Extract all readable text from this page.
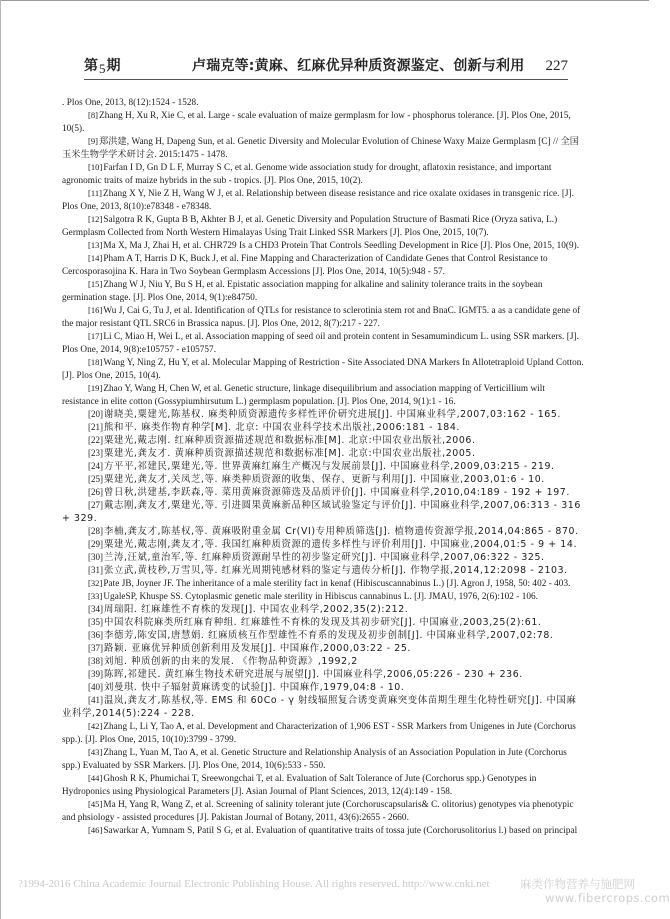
第5期	卢瑞克等:黄麻、红麻优异种质资源鉴定、创新与利用 227

. Plos One, 2013, 8(12):1524 - 1528.

[8]Zhang H, Xu R, Xie C, et al. Large - scale evaluation of maize germplasm for low - phosphorus tolerance. [J]. Plos One, 2015, 10(5).

[9]郑洪建, Wang H, Dapeng Sun, et al. Genetic Diversity and Molecular Evolution of Chinese Waxy Maize Germplasm [C] // 全国玉米生物学学术研讨会. 2015:1475 - 1478.

[10]Farfan I D, Gn D L F, Murray S C, et al. Genome wide association study for drought, aflatoxin resistance, and important agronomic traits of maize hybrids in the sub - tropics. [J]. Plos One, 2015, 10(2).

[11]Zhang X Y, Nie Z H, Wang W J, et al. Relationship between disease resistance and rice oxalate oxidases in transgenic rice. [J]. Plos One, 2013, 8(10):e78348 - e78348.

[12]Salgotra R K, Gupta B B, Akhter B J, et al. Genetic Diversity and Population Structure of Basmati Rice (Oryza sativa, L.) Germplasm Collected from North Western Himalayas Using Trait Linked SSR Markers [J]. Plos One, 2015, 10(7).

[13]Ma X, Ma J, Zhai H, et al. CHR729 Is a CHD3 Protein That Controls Seedling Development in Rice [J]. Plos One, 2015, 10(9).

[14]Pham A T, Harris D K, Buck J, et al. Fine Mapping and Characterization of Candidate Genes that Control Resistance to Cercosporasojina K. Hara in Two Soybean Germplasm Accessions [J]. Plos One, 2014, 10(5):948 - 57.

[15]Zhang W J, Niu Y, Bu S H, et al. Epistatic association mapping for alkaline and salinity tolerance traits in the soybean germination stage. [J]. Plos One, 2014, 9(1):e84750.

[16]Wu J, Cai G, Tu J, et al. Identification of QTLs for resistance to sclerotinia stem rot and BnaC. IGMT5. a as a candidate gene of the major resistant QTL SRC6 in Brassica napus. [J]. Plos One, 2012, 8(7):217 - 227.

[17]Li C, Miao H, Wei L, et al. Association mapping of seed oil and protein content in Sesamumindicum L. using SSR markers. [J]. Plos One, 2014, 9(8):e105757 - e105757.

[18]Wang Y, Ning Z, Hu Y, et al. Molecular Mapping of Restriction - Site Associated DNA Markers In Allotetraploid Upland Cotton. [J]. Plos One, 2015, 10(4).

[19]Zhao Y, Wang H, Chen W, et al. Genetic structure, linkage disequilibrium and association mapping of Verticillium wilt resistance in elite cotton (Gossypiumhirsutum L.) germplasm population. [J]. Plos One, 2014, 9(1):1 - 16.

[20]谢晓美,粟建光,陈基权. 麻类种质资源遗传多样性评价研究进展[J]. 中国麻业科学,2007,03:162 - 165.

[21]熊和平. 麻类作物育种学[M]. 北京: 中国农业科学技术出版社,2006:181 - 184.

[22]粟建光,戴志刚. 红麻种质资源描述规范和数据标准[M]. 北京:中国农业出版社,2006.

[23]粟建光,龚友才. 黄麻种质资源描述规范和数据标准[M]. 北京:中国农业出版社,2005.

[24]方平平,祁建民,粟建光,等. 世界黄麻红麻生产概况与发展前景[J]. 中国麻业科学,2009,03:215 - 219.

[25]粟建光,龚友才,关凤芝,等. 麻类种质资源的收集、保存、更新与利用[J]. 中国麻业,2003,01:6 - 10.

[26]曾日秋,洪建基,李跃森,等. 菜用黄麻资源筛选及品质评价[J]. 中国麻业科学,2010,04:189 - 192 + 197.

[27]戴志刚,龚友才,粟建光,等. 引进圆果黄麻新品种区域试验鉴定与评价[J]. 中国麻业科学,2007,06:313 - 316 + 329.

[28]李楠,龚友才,陈基权,等. 黄麻吸附重金属 Cr(VI)专用种质筛选[J]. 植物遗传资源学报,2014,04:865 - 870.

[29]粟建光,戴志刚,龚友才,等. 我国红麻种质资源的遗传多样性与评价利用[J]. 中国麻业,2004,01:5 - 9 + 14.

[30]兰涛,汪斌,童治军,等. 红麻种质资源耐旱性的初步鉴定研究[J]. 中国麻业科学,2007,06:322 - 325.

[31]张立武,黄枝秒,万雪贝,等. 红麻光周期钝感材料的鉴定与遗传分析[J]. 作物学报,2014,12:2098 - 2103.

[32]Pate JB, Joyner JF. The inheritance of a male sterility fact in kenaf (Hibiscuscannabinus L.) [J]. Agron J, 1958, 50: 402 - 403.

[33]UgaleSP, Khuspe SS. Cytoplasmic genetic male sterility in Hibiscus cannabinus L. [J]. JMAU, 1976, 2(6):102 - 106.

[34]周瑞阳. 红麻雄性不育株的发现[J]. 中国农业科学,2002,35(2):212.

[35]中国农科院麻类所红麻育种组. 红麻雄性不育株的发现及其初步研究[J]. 中国麻业,2003,25(2):61.

[36]李德芳,陈安国,唐慧娟. 红麻质核互作型雄性不育系的发现及初步创制[J]. 中国麻业科学,2007,02:78.

[37]路颖. 亚麻优异种质创新利用及发展[J]. 中国麻作,2000,03:22 - 25.

[38]刘旭. 种质创新的由来的发展. 《作物品种资源》,1992,2

[39]陈晖,祁建民. 黄红麻生物技术研究进展与展望[J]. 中国麻业科学,2006,05:226 - 230 + 236.

[40]刘曼琪. 快中子辐射黄麻诱变的试验[J]. 中国麻作,1979,04:8 - 10.

[41]温岚,龚友才,陈基权,等. EMS 和 60Co - γ 射线辐照复合诱变黄麻突变体苗期生理生化特性研究[J]. 中国麻业科学,2014(5):224 - 228.

[42]Zhang L, Li Y, Tao A, et al. Development and Characterization of 1,906 EST - SSR Markers from Unigenes in Jute (Corchorus spp.). [J]. Plos One, 2015, 10(10):3799 - 3799.

[43]Zhang L, Yuan M, Tao A, et al. Genetic Structure and Relationship Analysis of an Association Population in Jute (Corchorus spp.) Evaluated by SSR Markers. [J]. Plos One, 2014, 10(6):533 - 550.

[44]Ghosh R K, Phumichai T, Sreewongchai T, et al. Evaluation of Salt Tolerance of Jute (Corchorus spp.) Genotypes in Hydroponics using Physiological Parameters [J]. Asian Journal of Plant Sciences, 2013, 12(4):149 - 158.

[45]Ma H, Yang R, Wang Z, et al. Screening of salinity tolerant jute (Corchoruscapsularis& C. olitorius) genotypes via phenotypic and phsiology - assisted procedures [J]. Pakistan Journal of Botany, 2011, 43(6):2655 - 2660.

[46]Sawarkar A, Yumnam S, Patil S G, et al. Evaluation of quantitative traits of tossa jute (Corchorusolitorius l.) based on principal

?1994-2016 China Academic Journal Electronic Publishing House. All rights reserved. http://www.cnki.net	麻类作物营养与施肥网
www.fibercrops.com
